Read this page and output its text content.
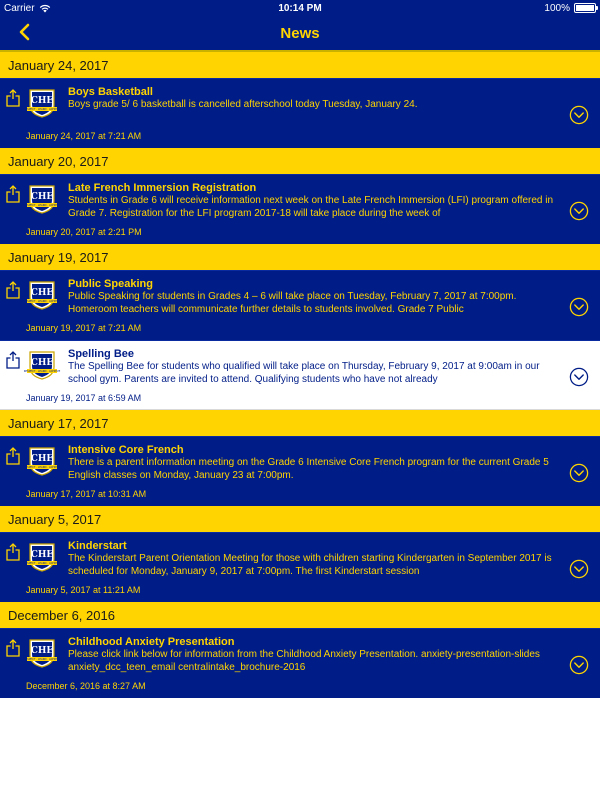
Carrier	10:14 PM	100%
News
January 24, 2017
CHE
RESPECT · LEARN · ACHIEVE
Boys Basketball
Boys grade 5/ 6 basketball is cancelled afterschool today Tuesday, January 24.
January 24, 2017 at 7:21 AM
January 20, 2017
CHE
RESPECT · LEARN · ACHIEVE
Late French Immersion Registration
Students in Grade 6 will receive information next week on the Late French Immersion (LFI) program offered in Grade 7. Registration for the LFI program 2017-18 will take place during the week of
January 20, 2017 at 2:21 PM
January 19, 2017
CHE
RESPECT · LEARN · ACHIEVE
Public Speaking
Public Speaking for students in Grades 4 – 6 will take place on Tuesday, February 7, 2017 at 7:00pm. Homeroom teachers will communicate further details to students involved. Grade 7 Public
January 19, 2017 at 7:21 AM
CHE
RESPECT · LEARN · ACHIEVE
Spelling Bee
The Spelling Bee for students who qualified will take place on Thursday, February 9, 2017 at 9:00am in our school gym. Parents are invited to attend. Qualifying students who have not already
January 19, 2017 at 6:59 AM
January 17, 2017
CHE
RESPECT · LEARN · ACHIEVE
Intensive Core French
There is a parent information meeting on the Grade 6 Intensive Core French program for the current Grade 5 English classes on Monday, January 23 at 7:00pm.
January 17, 2017 at 10:31 AM
January 5, 2017
CHE
RESPECT · LEARN · ACHIEVE
Kinderstart
The Kinderstart Parent Orientation Meeting for those with children starting Kindergarten in September 2017 is scheduled for Monday, January 9, 2017 at 7:00pm. The first Kinderstart session
January 5, 2017 at 11:21 AM
December 6, 2016
CHE
RESPECT · LEARN · ACHIEVE
Childhood Anxiety Presentation
Please click link below for information from the Childhood Anxiety Presentation. anxiety-presentation-slides anxiety_dcc_teen_email centralintake_brochure-2016
December 6, 2016 at 8:27 AM
